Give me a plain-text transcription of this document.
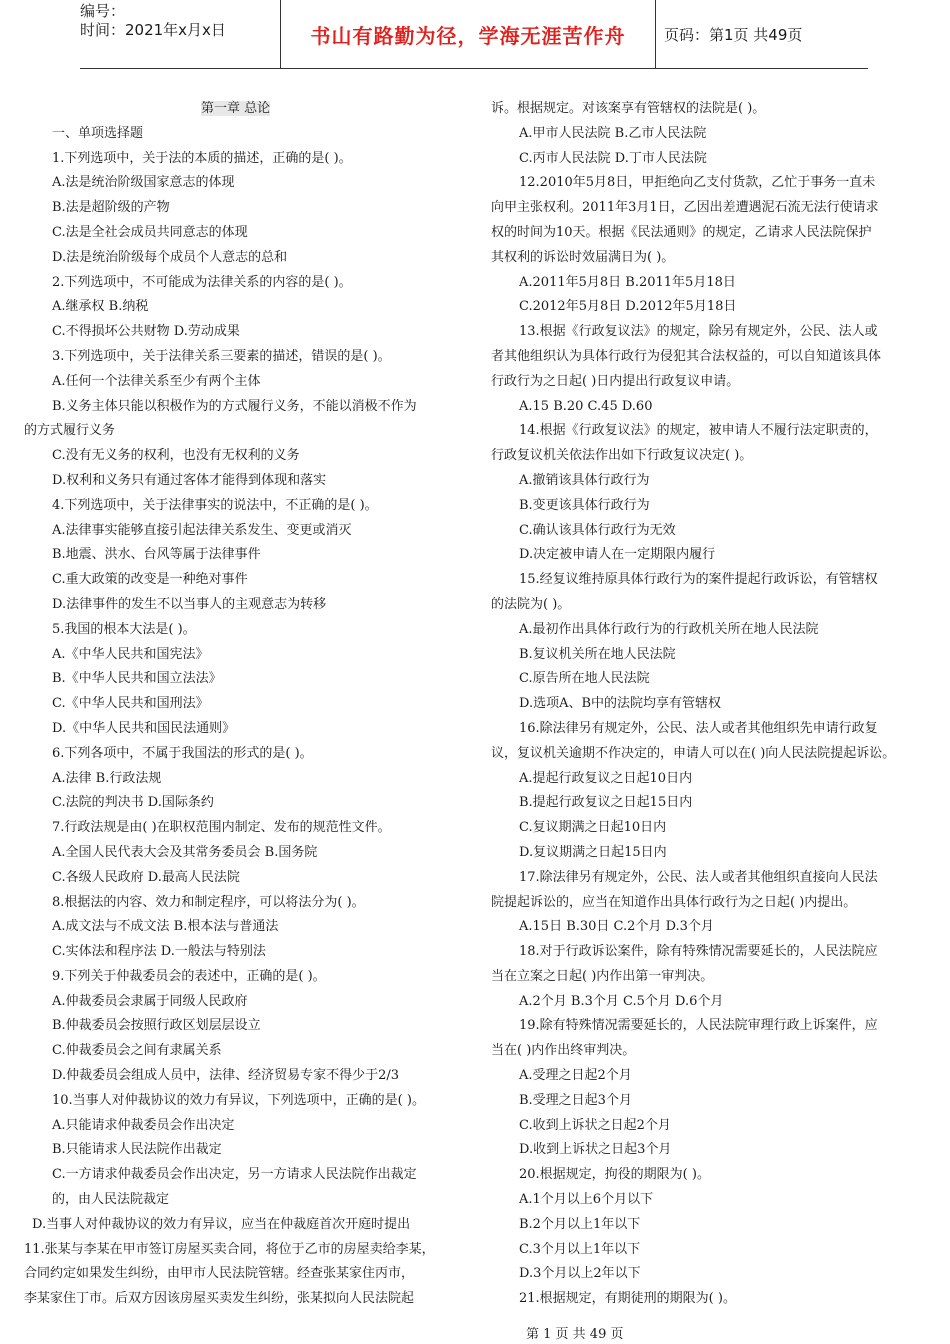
编号：
时间：2021年x月x日	书山有路勤为径，学海无涯苦作舟	页码：第1页 共49页
第一章 总论
一、单项选择题
1.下列选项中，关于法的本质的描述，正确的是( )。
A.法是统治阶级国家意志的体现
B.法是超阶级的产物
C.法是全社会成员共同意志的体现
D.法是统治阶级每个成员个人意志的总和
2.下列选项中，不可能成为法律关系的内容的是( )。
A.继承权 B.纳税
C.不得损坏公共财物 D.劳动成果
3.下列选项中，关于法律关系三要素的描述，错误的是( )。
A.任何一个法律关系至少有两个主体
B.义务主体只能以积极作为的方式履行义务，不能以消极不作为
的方式履行义务
C.没有无义务的权利，也没有无权利的义务
D.权利和义务只有通过客体才能得到体现和落实
4.下列选项中，关于法律事实的说法中，不正确的是( )。
A.法律事实能够直接引起法律关系发生、变更或消灭
B.地震、洪水、台风等属于法律事件
C.重大政策的改变是一种绝对事件
D.法律事件的发生不以当事人的主观意志为转移
5.我国的根本大法是( )。
A.《中华人民共和国宪法》
B.《中华人民共和国立法法》
C.《中华人民共和国刑法》
D.《中华人民共和国民法通则》
6.下列各项中，不属于我国法的形式的是( )。
A.法律 B.行政法规
C.法院的判决书 D.国际条约
7.行政法规是由( )在职权范围内制定、发布的规范性文件。
A.全国人民代表大会及其常务委员会 B.国务院
C.各级人民政府 D.最高人民法院
8.根据法的内容、效力和制定程序，可以将法分为( )。
A.成文法与不成文法 B.根本法与普通法
C.实体法和程序法 D.一般法与特别法
9.下列关于仲裁委员会的表述中，正确的是( )。
A.仲裁委员会隶属于同级人民政府
B.仲裁委员会按照行政区划层层设立
C.仲裁委员会之间有隶属关系
D.仲裁委员会组成人员中，法律、经济贸易专家不得少于2/3
10.当事人对仲裁协议的效力有异议，下列选项中，正确的是( )。
A.只能请求仲裁委员会作出决定
B.只能请求人民法院作出裁定
C.一方请求仲裁委员会作出决定，另一方请求人民法院作出裁定
的，由人民法院裁定
D.当事人对仲裁协议的效力有异议，应当在仲裁庭首次开庭时提出
11.张某与李某在甲市签订房屋买卖合同，将位于乙市的房屋卖给李某，
合同约定如果发生纠纷，由甲市人民法院管辖。经查张某家住丙市，
李某家住丁市。后双方因该房屋买卖发生纠纷，张某拟向人民法院起
诉。根据规定。对该案享有管辖权的法院是( )。
A.甲市人民法院 B.乙市人民法院
C.丙市人民法院 D.丁市人民法院
12.2010年5月8日，甲拒绝向乙支付货款，乙忙于事务一直未
向甲主张权利。2011年3月1日，乙因出差遭遇泥石流无法行使请求
权的时间为10天。根据《民法通则》的规定，乙请求人民法院保护
其权利的诉讼时效届满日为( )。
A.2011年5月8日 B.2011年5月18日
C.2012年5月8日 D.2012年5月18日
13.根据《行政复议法》的规定，除另有规定外，公民、法人或
者其他组织认为具体行政行为侵犯其合法权益的，可以自知道该具体
行政行为之日起( )日内提出行政复议申请。
A.15 B.20 C.45 D.60
14.根据《行政复议法》的规定，被申请人不履行法定职责的，
行政复议机关依法作出如下行政复议决定( )。
A.撤销该具体行政行为
B.变更该具体行政行为
C.确认该具体行政行为无效
D.决定被申请人在一定期限内履行
15.经复议维持原具体行政行为的案件提起行政诉讼，有管辖权
的法院为( )。
A.最初作出具体行政行为的行政机关所在地人民法院
B.复议机关所在地人民法院
C.原告所在地人民法院
D.选项A、B中的法院均享有管辖权
16.除法律另有规定外，公民、法人或者其他组织先申请行政复
议，复议机关逾期不作决定的，申请人可以在( )向人民法院提起诉讼。
A.提起行政复议之日起10日内
B.提起行政复议之日起15日内
C.复议期满之日起10日内
D.复议期满之日起15日内
17.除法律另有规定外，公民、法人或者其他组织直接向人民法
院提起诉讼的，应当在知道作出具体行政行为之日起( )内提出。
A.15日 B.30日 C.2个月 D.3个月
18.对于行政诉讼案件，除有特殊情况需要延长的，人民法院应
当在立案之日起( )内作出第一审判决。
A.2个月 B.3个月 C.5个月 D.6个月
19.除有特殊情况需要延长的，人民法院审理行政上诉案件，应
当在( )内作出终审判决。
A.受理之日起2个月
B.受理之日起3个月
C.收到上诉状之日起2个月
D.收到上诉状之日起3个月
20.根据规定，拘役的期限为( )。
A.1个月以上6个月以下
B.2个月以上1年以下
C.3个月以上1年以下
D.3个月以上2年以下
21.根据规定，有期徒刑的期限为( )。
第 1 页 共 49 页
